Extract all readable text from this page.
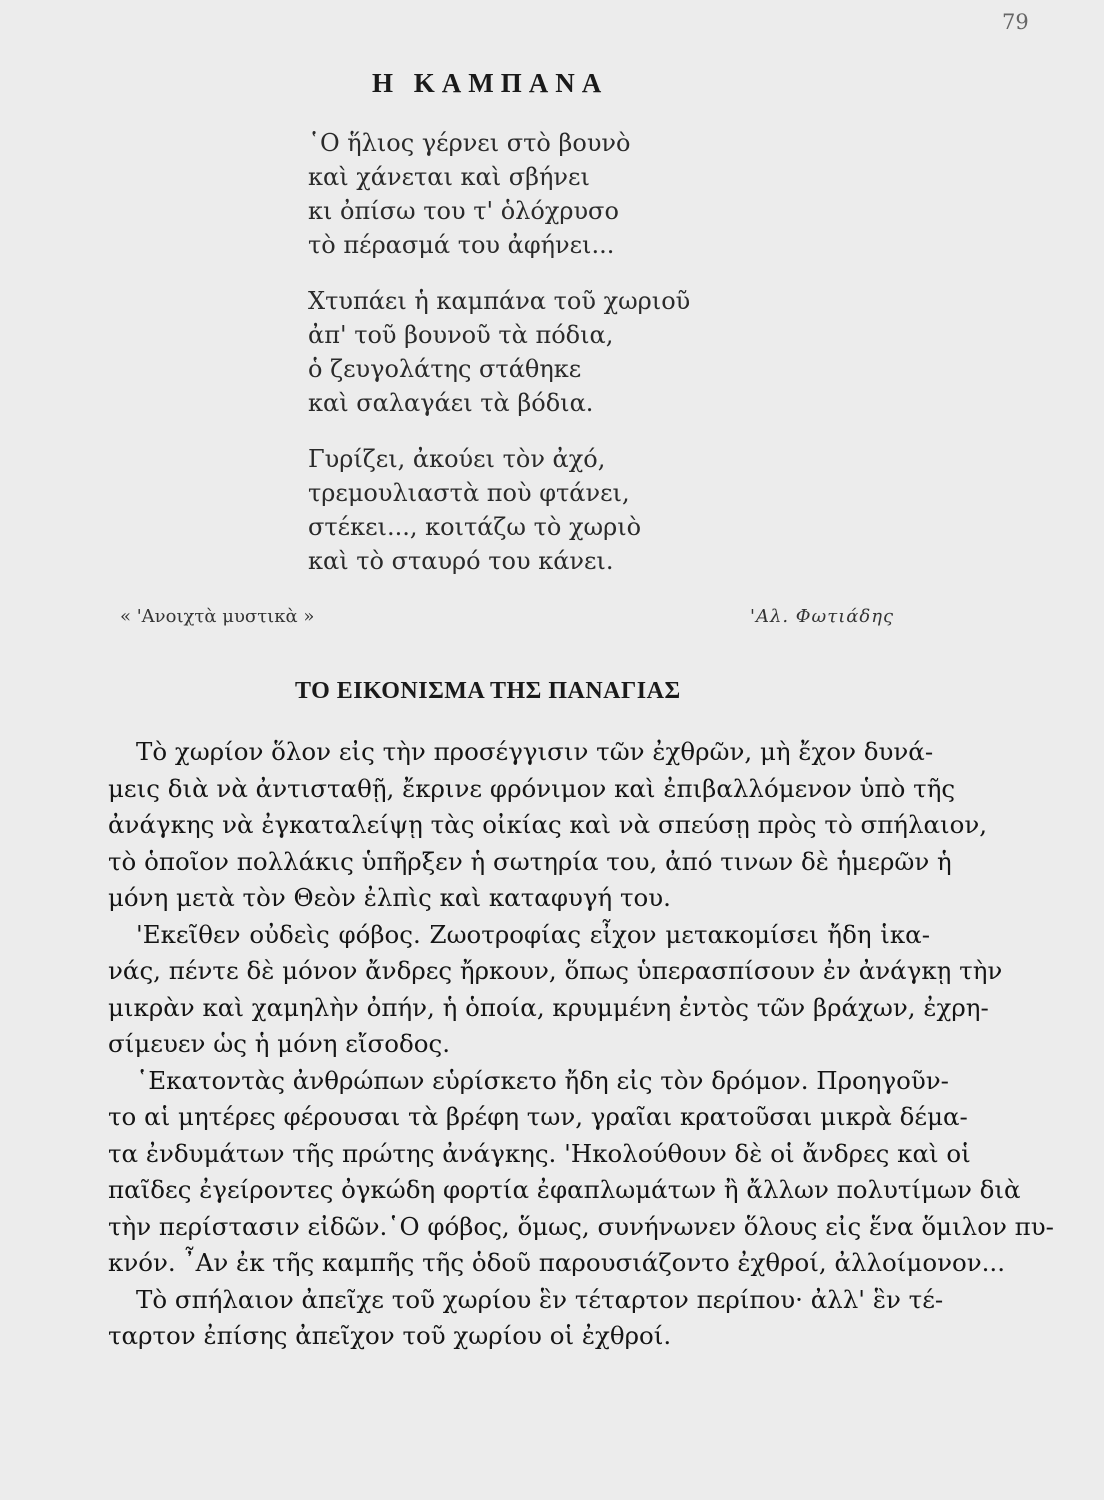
79
Η ΚΑΜΠΑΝΑ
῾Ο ἥλιος γέρνει στὸ βουνὸ
καὶ χάνεται καὶ σβήνει
κι ὀπίσω του τ' ὁλόχρυσο
τὸ πέρασμά του ἀφήνει...
Χτυπάει ἡ καμπάνα τοῦ χωριοῦ
ἀπ' τοῦ βουνοῦ τὰ πόδια,
ὁ ζευγολάτης στάθηκε
καὶ σαλαγάει τὰ βόδια.
Γυρίζει, ἀκούει τὸν ἀχό,
τρεμουλιαστὰ ποὺ φτάνει,
στέκει..., κοιτάζω τὸ χωριὸ
καὶ τὸ σταυρό του κάνει.
« 'Ανοιχτὰ μυστικὰ »	'Αλ. Φωτιάδης
ΤΟ ΕΙΚΟΝΙΣΜΑ ΤΗΣ ΠΑΝΑΓΙΑΣ
Τὸ χωρίον ὅλον εἰς τὴν προσέγγισιν τῶν ἐχθρῶν, μὴ ἔχον δυνά-
μεις διὰ νὰ ἀντισταθῇ, ἔκρινε φρόνιμον καὶ ἐπιβαλλόμενον ὑπὸ τῆς
ἀνάγκης νὰ ἐγκαταλείψῃ τὰς οἰκίας καὶ νὰ σπεύσῃ πρὸς τὸ σπήλαιον,
τὸ ὁποῖον πολλάκις ὑπῆρξεν ἡ σωτηρία του, ἀπό τινων δὲ ἡμερῶν ἡ
μόνη μετὰ τὸν Θεὸν ἐλπὶς καὶ καταφυγή του.
'Εκεῖθεν οὐδεὶς φόβος. Ζωοτροφίας εἶχον μετακομίσει ἤδη ἱκα-
νάς, πέντε δὲ μόνον ἄνδρες ἤρκουν, ὅπως ὑπερασπίσουν ἐν ἀνάγκῃ τὴν
μικρὰν καὶ χαμηλὴν ὀπήν, ἡ ὁποία, κρυμμένη ἐντὸς τῶν βράχων, ἐχρη-
σίμευεν ὡς ἡ μόνη εἴσοδος.
῾Εκατοντὰς ἀνθρώπων εὑρίσκετο ἤδη εἰς τὸν δρόμον. Προηγοῦν-
το αἱ μητέρες φέρουσαι τὰ βρέφη των, γραῖαι κρατοῦσαι μικρὰ δέμα-
τα ἐνδυμάτων τῆς πρώτης ἀνάγκης. 'Ηκολούθουν δὲ οἱ ἄνδρες καὶ οἱ
παῖδες ἐγείροντες ὀγκώδη φορτία ἐφαπλωμάτων ἢ ἄλλων πολυτίμων διὰ
τὴν περίστασιν εἰδῶν.῾Ο φόβος, ὅμως, συνήνωνεν ὅλους εἰς ἕνα ὅμιλον πυ-
κνόν. ῏Αν ἐκ τῆς καμπῆς τῆς ὁδοῦ παρουσιάζοντο ἐχθροί, ἀλλοίμονον...
Τὸ σπήλαιον ἀπεῖχε τοῦ χωρίου ἓν τέταρτον περίπου· ἀλλ' ἓν τέ-
ταρτον ἐπίσης ἀπεῖχον τοῦ χωρίου οἱ ἐχθροί.
